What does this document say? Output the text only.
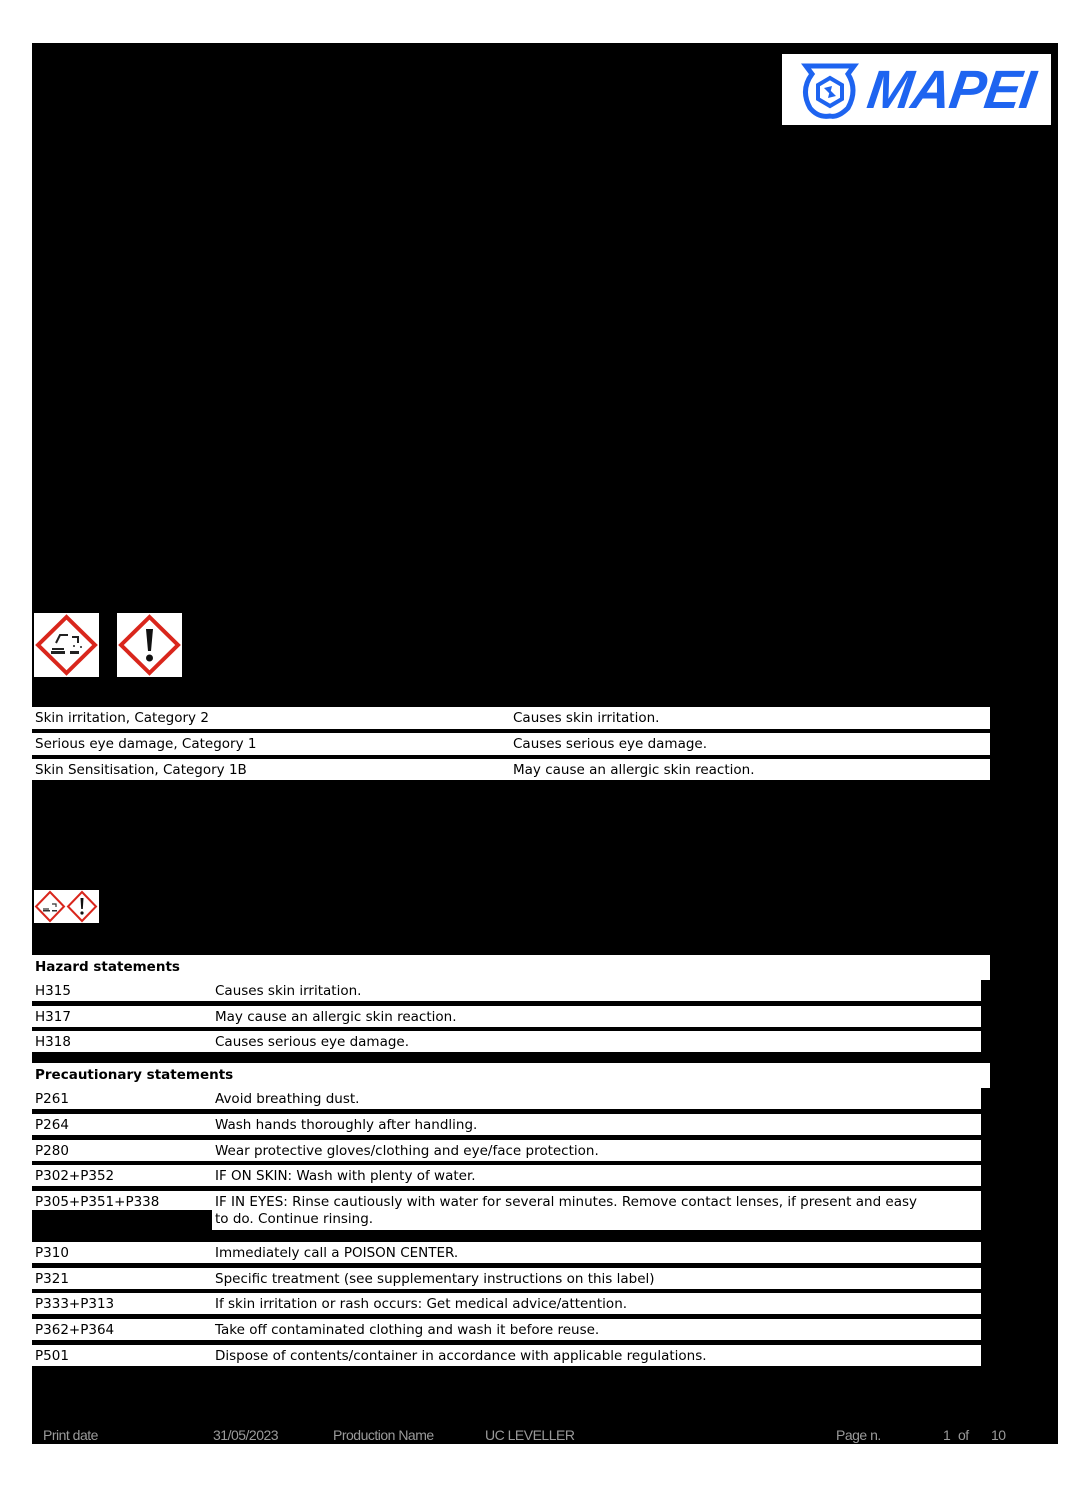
MAPEI
Skin irritation, Category 2	Causes skin irritation.
Serious eye damage, Category 1	Causes serious eye damage.
Skin Sensitisation, Category 1B	May cause an allergic skin reaction.
Hazard statements
H315	Causes skin irritation.
H317	May cause an allergic skin reaction.
H318	Causes serious eye damage.
Precautionary statements
P261	Avoid breathing dust.
P264	Wash hands thoroughly after handling.
P280	Wear protective gloves/clothing and eye/face protection.
P302+P352	IF ON SKIN: Wash with plenty of water.
P305+P351+P338	IF IN EYES: Rinse cautiously with water for several minutes. Remove contact lenses, if present and easy
to do. Continue rinsing.
P310	Immediately call a POISON CENTER.
P321	Specific treatment (see supplementary instructions on this label)
P333+P313	If skin irritation or rash occurs: Get medical advice/attention.
P362+P364	Take off contaminated clothing and wash it before reuse.
P501	Dispose of contents/container in accordance with applicable regulations.
Print date	31/05/2023	Production Name	UC LEVELLER	Page n.	1 of 10
